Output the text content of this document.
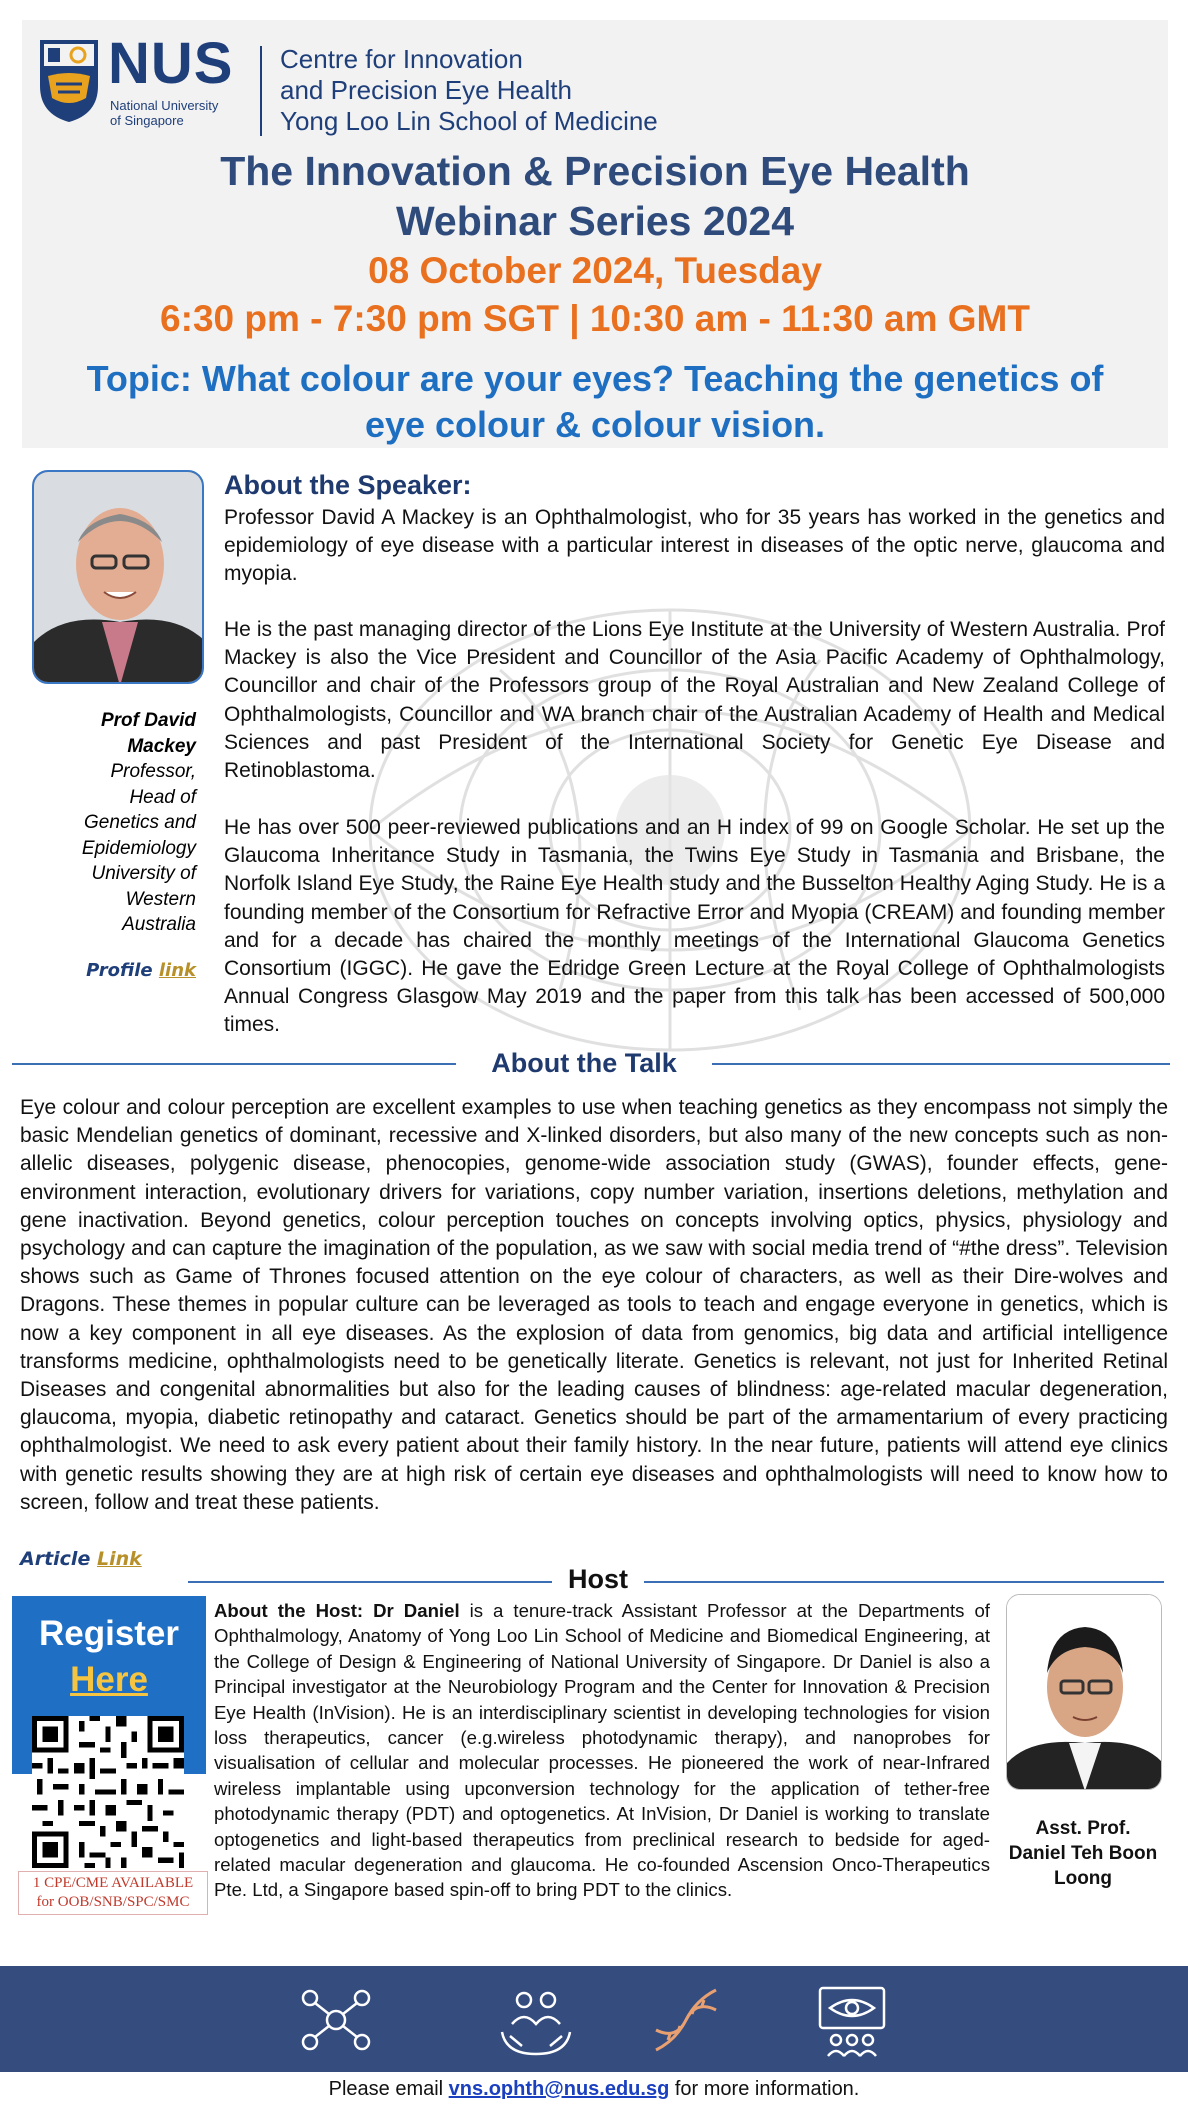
NUS
National University
of Singapore
Centre for Innovation
and Precision Eye Health
Yong Loo Lin School of Medicine
The Innovation & Precision Eye Health
Webinar Series 2024
08 October 2024, Tuesday
6:30 pm - 7:30 pm SGT | 10:30 am - 11:30 am GMT
Topic: What colour are your eyes? Teaching the genetics of eye colour & colour vision.
Prof David Mackey
Professor,
Head of
Genetics and
Epidemiology
University of
Western
Australia
Profile link
About the Speaker:
Professor David A Mackey is an Ophthalmologist, who for 35 years has worked in the genetics and epidemiology of eye disease with a particular interest in diseases of the optic nerve, glaucoma and myopia.
He is the past managing director of the Lions Eye Institute at the University of Western Australia. Prof Mackey is also the Vice President and Councillor of the Asia Pacific Academy of Ophthalmology, Councillor and chair of the Professors group of the Royal Australian and New Zealand College of Ophthalmologists, Councillor and WA branch chair of the Australian Academy of Health and Medical Sciences and past President of the International Society for Genetic Eye Disease and Retinoblastoma.
He has over 500 peer-reviewed publications and an H index of 99 on Google Scholar. He set up the Glaucoma Inheritance Study in Tasmania, the Twins Eye Study in Tasmania and Brisbane, the Norfolk Island Eye Study, the Raine Eye Health study and the Busselton Healthy Aging Study. He is a founding member of the Consortium for Refractive Error and Myopia (CREAM) and founding member and for a decade has chaired the monthly meetings of the International Glaucoma Genetics Consortium (IGGC). He gave the Edridge Green Lecture at the Royal College of Ophthalmologists Annual Congress Glasgow May 2019 and the paper from this talk has been accessed of 500,000 times.
About the Talk
Eye colour and colour perception are excellent examples to use when teaching genetics as they encompass not simply the basic Mendelian genetics of dominant, recessive and X-linked disorders, but also many of the new concepts such as non-allelic diseases, polygenic disease, phenocopies, genome-wide association study (GWAS), founder effects, gene-environment interaction, evolutionary drivers for variations, copy number variation, insertions deletions, methylation and gene inactivation. Beyond genetics, colour perception touches on concepts involving optics, physics, physiology and psychology and can capture the imagination of the population, as we saw with social media trend of “#the dress”. Television shows such as Game of Thrones focused attention on the eye colour of characters, as well as their Dire-wolves and Dragons. These themes in popular culture can be leveraged as tools to teach and engage everyone in genetics, which is now a key component in all eye diseases. As the explosion of data from genomics, big data and artificial intelligence transforms medicine, ophthalmologists need to be genetically literate. Genetics is relevant, not just for Inherited Retinal Diseases and congenital abnormalities but also for the leading causes of blindness: age-related macular degeneration, glaucoma, myopia, diabetic retinopathy and cataract. Genetics should be part of the armamentarium of every practicing ophthalmologist. We need to ask every patient about their family history. In the near future, patients will attend eye clinics with genetic results showing they are at high risk of certain eye diseases and ophthalmologists will need to know how to screen, follow and treat these patients.
Article Link
Host
Register
Here
1 CPE/CME AVAILABLE
for OOB/SNB/SPC/SMC
About the Host: Dr Daniel is a tenure-track Assistant Professor at the Departments of Ophthalmology, Anatomy of Yong Loo Lin School of Medicine and Biomedical Engineering, at the College of Design & Engineering of National University of Singapore. Dr Daniel is also a Principal investigator at the Neurobiology Program and the Center for Innovation & Precision Eye Health (InVision). He is an interdisciplinary scientist in developing technologies for vision loss therapeutics, cancer (e.g.wireless photodynamic therapy), and nanoprobes for visualisation of cellular and molecular processes. He pioneered the work of near-Infrared wireless implantable using upconversion technology for the application of tether-free photodynamic therapy (PDT) and optogenetics. At InVision, Dr Daniel is working to translate optogenetics and light-based therapeutics from preclinical research to bedside for aged-related macular degeneration and glaucoma. He co-founded Ascension Onco-Therapeutics Pte. Ltd, a Singapore based spin-off to bring PDT to the clinics.
Asst. Prof.
Daniel Teh Boon
Loong
Please email vns.ophth@nus.edu.sg for more information.
